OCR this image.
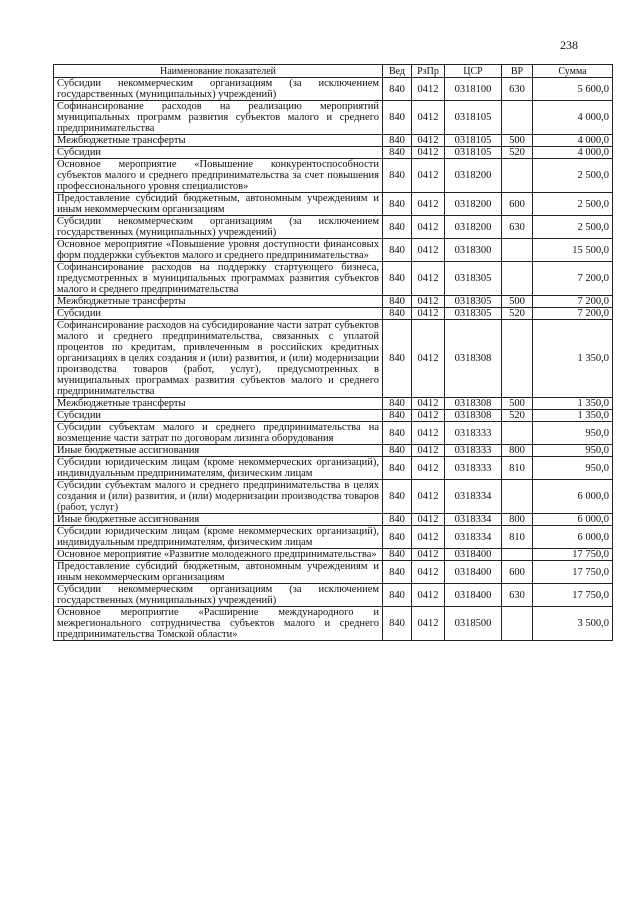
238
Наименование показателей	Вед	РзПр	ЦСР	ВР	Сумма
Субсидии некоммерческим организациям (за исключением государственных (муниципальных) учреждений)	840	0412	0318100	630	5 600,0
Софинансирование расходов на реализацию мероприятий муниципальных программ развития субъектов малого и среднего предпринимательства	840	0412	0318105		4 000,0
Межбюджетные трансферты	840	0412	0318105	500	4 000,0
Субсидии	840	0412	0318105	520	4 000,0
Основное мероприятие «Повышение конкурентоспособности субъектов малого и среднего предпринимательства за счет повышения профессионального уровня специалистов»	840	0412	0318200		2 500,0
Предоставление субсидий бюджетным, автономным учреждениям и иным некоммерческим организациям	840	0412	0318200	600	2 500,0
Субсидии некоммерческим организациям (за исключением государственных (муниципальных) учреждений)	840	0412	0318200	630	2 500,0
Основное мероприятие «Повышение уровня доступности финансовых форм поддержки субъектов малого и среднего предпринимательства»	840	0412	0318300		15 500,0
Софинансирование расходов на поддержку стартующего бизнеса, предусмотренных в муниципальных программах развития субъектов малого и среднего предпринимательства	840	0412	0318305		7 200,0
Межбюджетные трансферты	840	0412	0318305	500	7 200,0
Субсидии	840	0412	0318305	520	7 200,0
Софинансирование расходов на субсидирование части затрат субъектов малого и среднего предпринимательства, связанных с уплатой процентов по кредитам, привлеченным в российских кредитных организациях в целях создания и (или) развития, и (или) модернизации производства товаров (работ, услуг), предусмотренных в муниципальных программах развития субъектов малого и среднего предпринимательства	840	0412	0318308		1 350,0
Межбюджетные трансферты	840	0412	0318308	500	1 350,0
Субсидии	840	0412	0318308	520	1 350,0
Субсидии субъектам малого и среднего предпринимательства на возмещение части затрат по договорам лизинга оборудования	840	0412	0318333		950,0
Иные бюджетные ассигнования	840	0412	0318333	800	950,0
Субсидии юридическим лицам (кроме некоммерческих организаций), индивидуальным предпринимателям, физическим лицам	840	0412	0318333	810	950,0
Субсидии субъектам малого и среднего предпринимательства в целях создания и (или) развития, и (или) модернизации производства товаров (работ, услуг)	840	0412	0318334		6 000,0
Иные бюджетные ассигнования	840	0412	0318334	800	6 000,0
Субсидии юридическим лицам (кроме некоммерческих организаций), индивидуальным предпринимателям, физическим лицам	840	0412	0318334	810	6 000,0
Основное мероприятие «Развитие молодежного предпринимательства»	840	0412	0318400		17 750,0
Предоставление субсидий бюджетным, автономным учреждениям и иным некоммерческим организациям	840	0412	0318400	600	17 750,0
Субсидии некоммерческим организациям (за исключением государственных (муниципальных) учреждений)	840	0412	0318400	630	17 750,0
Основное мероприятие «Расширение международного и межрегионального сотрудничества субъектов малого и среднего предпринимательства Томской области»	840	0412	0318500		3 500,0
